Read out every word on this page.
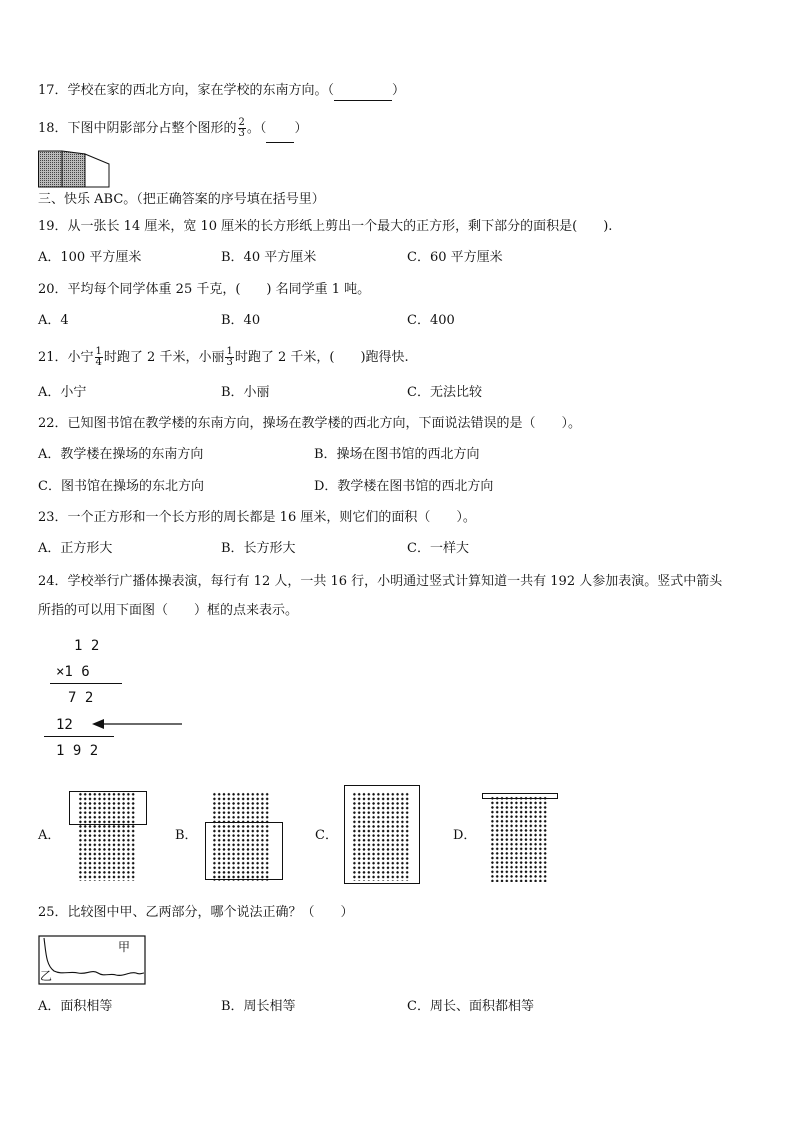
17．学校在家的西北方向，家在学校的东南方向。（	）
18．下图中阴影部分占整个图形的 $\frac{2}{3}$ 。（ ）
三、快乐 ABC。（把正确答案的序号填在括号里）
19．从一张长 14 厘米，宽 10 厘米的长方形纸上剪出一个最大的正方形，剩下部分的面积是(　　).
A．100 平方厘米	B．40 平方厘米	C．60 平方厘米
20．平均每个同学体重 25 千克，(　　) 名同学重 1 吨。
A．4	B．40	C．400
21．小宁 $\frac{1}{4}$ 时跑了 2 千米，小丽 $\frac{1}{3}$ 时跑了 2 千米，(　　)跑得快.
A．小宁	B．小丽	C．无法比较
22．已知图书馆在教学楼的东南方向，操场在教学楼的西北方向，下面说法错误的是（　　）。
A．教学楼在操场的东南方向	B．操场在图书馆的西北方向
C．图书馆在操场的东北方向	D．教学楼在图书馆的西北方向
23．一个正方形和一个长方形的周长都是 16 厘米，则它们的面积（　　）。
A．正方形大	B．长方形大	C．一样大
24．学校举行广播体操表演，每行有 12 人，一共 16 行，小明通过竖式计算知道一共有 192 人参加表演。竖式中箭头
所指的可以用下面图（　　）框的点来表示。
1 2
×1 6
7 2
12
1 9 2
A．	B．	C．	D．
25．比较图中甲、乙两部分，哪个说法正确？（　　）
甲
乙
A．面积相等	B．周长相等	C．周长、面积都相等
